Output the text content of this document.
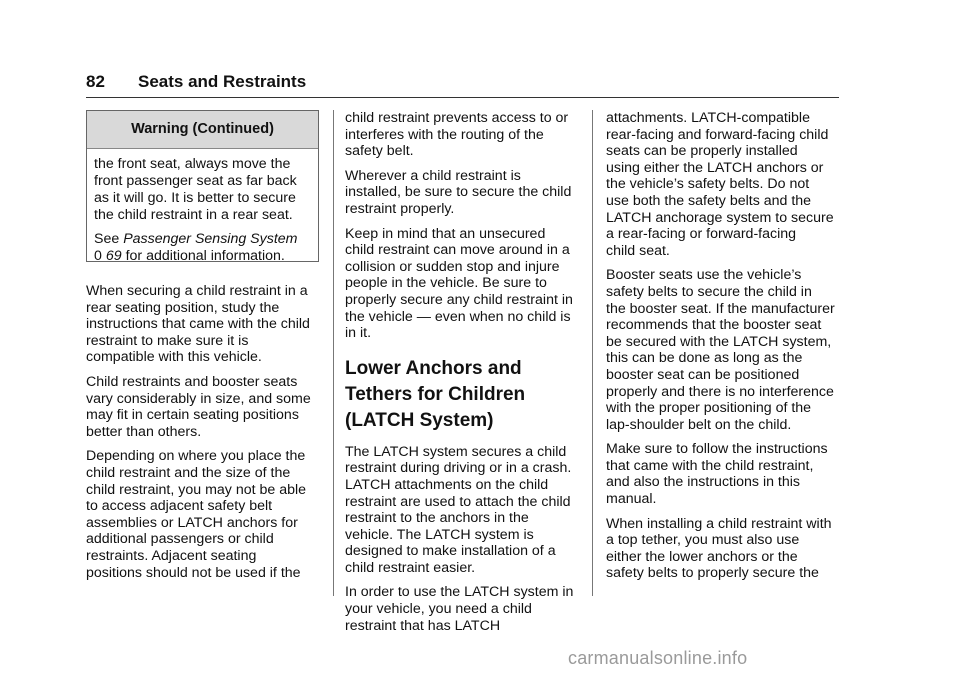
82 Seats and Restraints
Warning (Continued)

the front seat, always move the
front passenger seat as far back
as it will go. It is better to secure
the child restraint in a rear seat.

See Passenger Sensing System
0 69 for additional information.

When securing a child restraint in a
rear seating position, study the
instructions that came with the child
restraint to make sure it is
compatible with this vehicle.

Child restraints and booster seats
vary considerably in size, and some
may fit in certain seating positions
better than others.

Depending on where you place the
child restraint and the size of the
child restraint, you may not be able
to access adjacent safety belt
assemblies or LATCH anchors for
additional passengers or child
restraints. Adjacent seating
positions should not be used if the

child restraint prevents access to or
interferes with the routing of the
safety belt.

Wherever a child restraint is
installed, be sure to secure the child
restraint properly.

Keep in mind that an unsecured
child restraint can move around in a
collision or sudden stop and injure
people in the vehicle. Be sure to
properly secure any child restraint in
the vehicle — even when no child is
in it.

Lower Anchors and
Tethers for Children
(LATCH System)

The LATCH system secures a child
restraint during driving or in a crash.
LATCH attachments on the child
restraint are used to attach the child
restraint to the anchors in the
vehicle. The LATCH system is
designed to make installation of a
child restraint easier.

In order to use the LATCH system in
your vehicle, you need a child
restraint that has LATCH

attachments. LATCH-compatible
rear-facing and forward-facing child
seats can be properly installed
using either the LATCH anchors or
the vehicle’s safety belts. Do not
use both the safety belts and the
LATCH anchorage system to secure
a rear-facing or forward-facing
child seat.

Booster seats use the vehicle’s
safety belts to secure the child in
the booster seat. If the manufacturer
recommends that the booster seat
be secured with the LATCH system,
this can be done as long as the
booster seat can be positioned
properly and there is no interference
with the proper positioning of the
lap-shoulder belt on the child.

Make sure to follow the instructions
that came with the child restraint,
and also the instructions in this
manual.

When installing a child restraint with
a top tether, you must also use
either the lower anchors or the
safety belts to properly secure the

carmanualsonline.info
